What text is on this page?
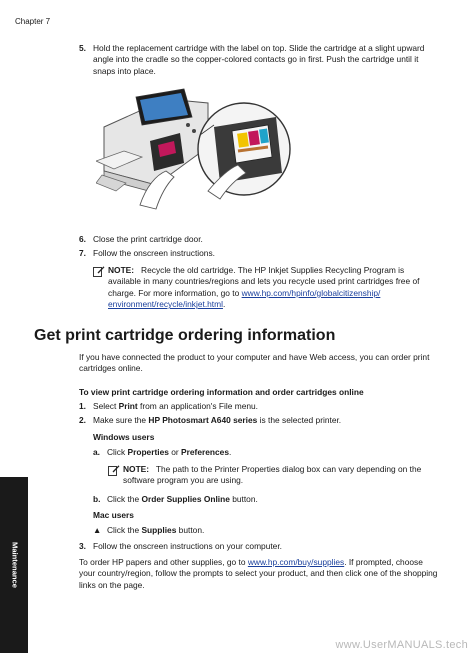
Chapter 7
5. Hold the replacement cartridge with the label on top. Slide the cartridge at a slight upward angle into the cradle so the copper-colored contacts go in first. Push the cartridge until it snaps into place.
6. Close the print cartridge door.
7. Follow the onscreen instructions.
NOTE: Recycle the old cartridge. The HP Inkjet Supplies Recycling Program is available in many countries/regions and lets you recycle used print cartridges free of charge. For more information, go to www.hp.com/hpinfo/globalcitizenship/
environment/recycle/inkjet.html.
Get print cartridge ordering information
If you have connected the product to your computer and have Web access, you can order print cartridges online.
To view print cartridge ordering information and order cartridges online
1. Select Print from an application's File menu.
2. Make sure the HP Photosmart A640 series is the selected printer.
Windows users
a. Click Properties or Preferences.
NOTE: The path to the Printer Properties dialog box can vary depending on the software program you are using.
b. Click the Order Supplies Online button.
Mac users
▲ Click the Supplies button.
3. Follow the onscreen instructions on your computer.
To order HP papers and other supplies, go to www.hp.com/buy/supplies. If prompted, choose your country/region, follow the prompts to select your product, and then click one of the shopping links on the page.
Maintenance
www.UserMANUALS.tech
